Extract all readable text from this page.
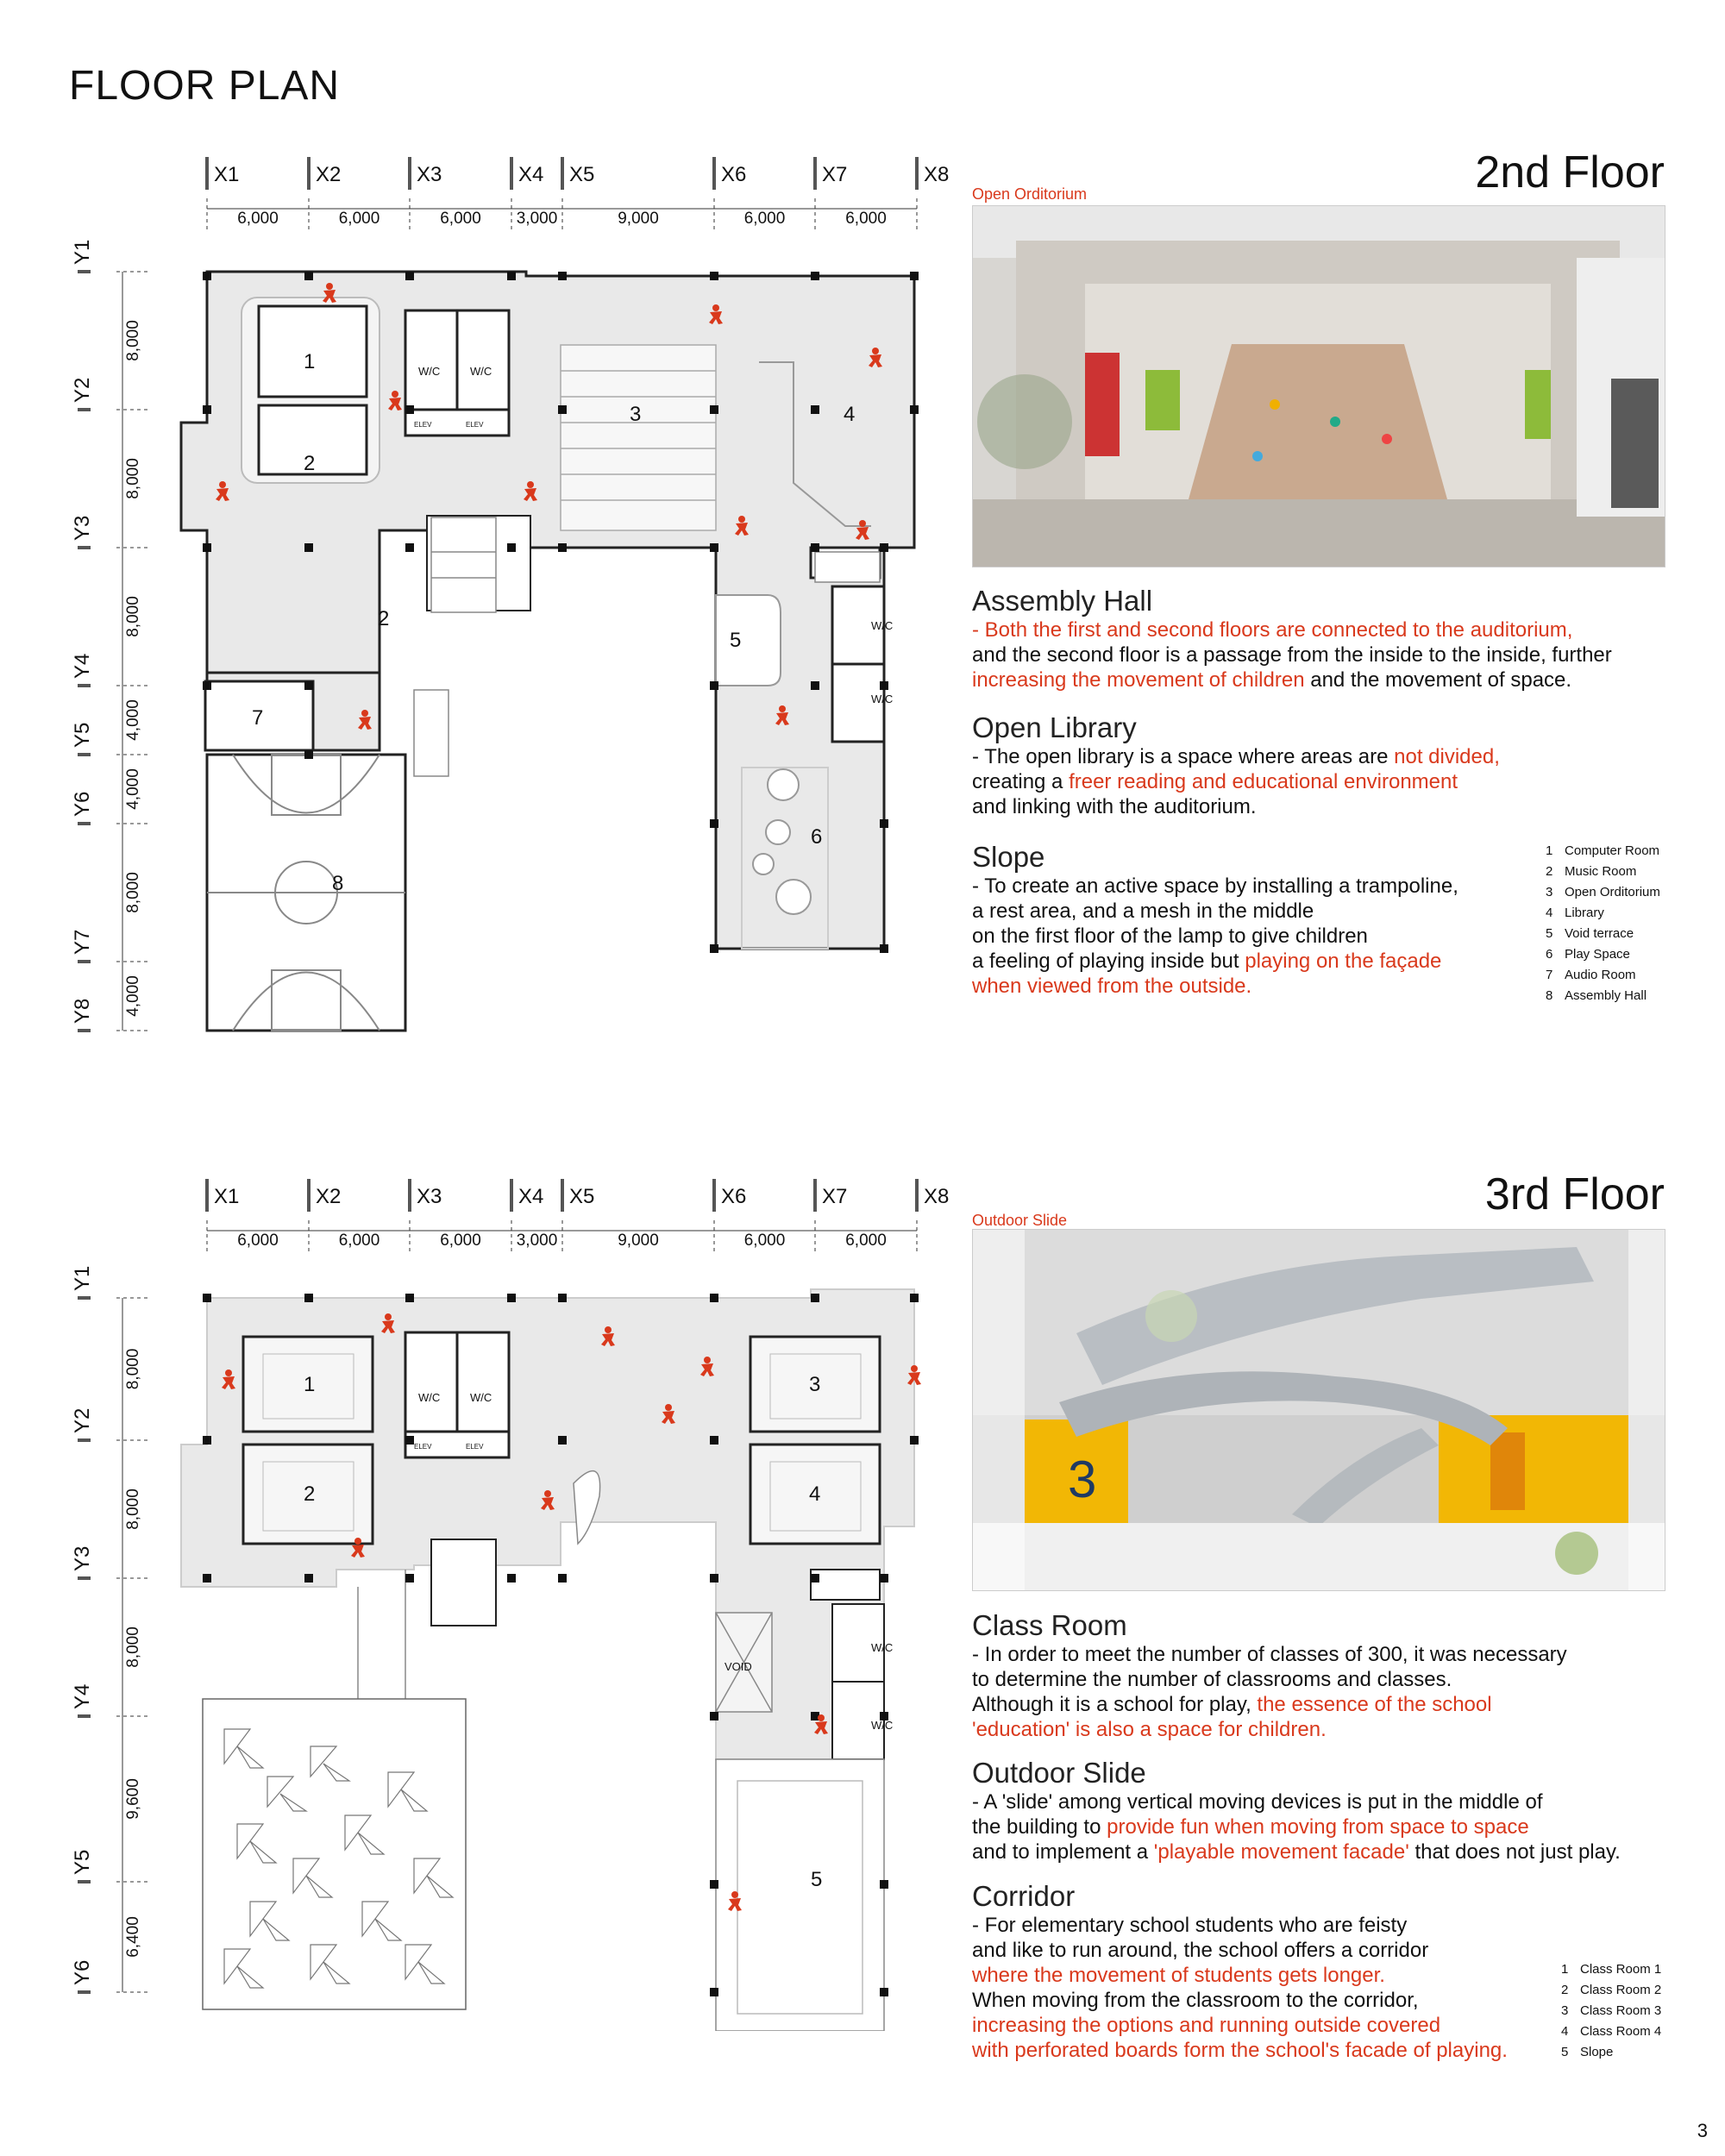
FLOOR PLAN
3
X1	X2	X3	X4 X5	X6	X7	X8
6,000	6,000	6,000 3,000	9,000	6,000	6,000
Y1
Y2
Y3
Y4
Y5
Y6
Y7
Y8
8,000
8,000
8,000
4,000
4,000
8,000
4,000
W/C	W/C
ELEV	ELEV
W/C
W/C
1
2
3	4
2
5
6
7
8
2nd Floor
Open Orditorium
Assembly Hall
- Both the first and second floors are connected to the auditorium,
and the second floor is a passage from the inside to the inside, further
increasing the movement of children and the movement of space.
Open Library
- The open library is a space where areas are not divided,
creating a freer reading and educational environment
and linking with the auditorium.
Slope
- To create an active space by installing a trampoline,
a rest area, and a mesh in the middle
on the first floor of the lamp to give children
a feeling of playing inside but playing on the façade
when viewed from the outside.
1 Computer Room
2 Music Room
3 Open Orditorium
4 Library
5 Void terrace
6 Play Space
7 Audio Room
8 Assembly Hall
X1	X2	X3	X4 X5	X6	X7	X8
6,000	6,000	6,000 3,000	9,000	6,000	6,000
Y1
Y2
Y3
Y4
Y5
Y6
8,000
8,000
8,000
9,600
6,400
W/C	W/C
ELEV	ELEV
W/C
W/C
VOID
1
2
3
4
5
3rd Floor
Outdoor Slide
3
Class Room
- In order to meet the number of classes of 300, it was necessary
to determine the number of classrooms and classes.
Although it is a school for play, the essence of the school
'education' is also a space for children.
Outdoor Slide
- A 'slide' among vertical moving devices is put in the middle of
the building to provide fun when moving from space to space
and to implement a 'playable movement facade' that does not just play.
Corridor
- For elementary school students who are feisty
and like to run around, the school offers a corridor
where the movement of students gets longer.
When moving from the classroom to the corridor,
increasing the options and running outside covered
with perforated boards form the school's facade of playing.
1 Class Room 1
2 Class Room 2
3 Class Room 3
4 Class Room 4
5 Slope
